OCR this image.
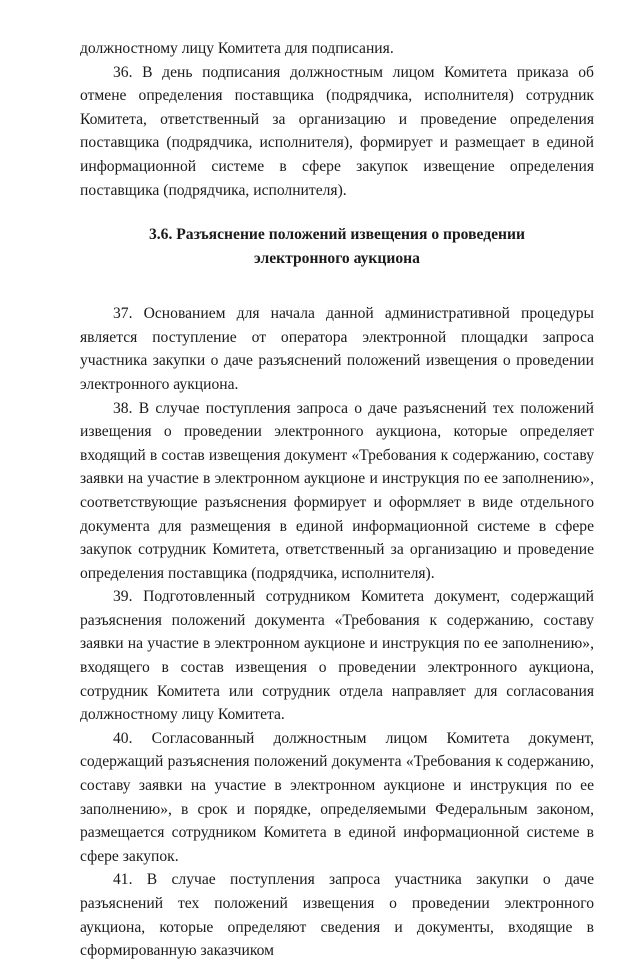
должностному лицу Комитета для подписания.

36. В день подписания должностным лицом Комитета приказа об отмене определения поставщика (подрядчика, исполнителя) сотрудник Комитета, ответственный за организацию и проведение определения поставщика (подрядчика, исполнителя), формирует и размещает в единой информационной системе в сфере закупок извещение определения поставщика (подрядчика, исполнителя).

3.6. Разъяснение положений извещения о проведении
электронного аукциона

37. Основанием для начала данной административной процедуры является поступление от оператора электронной площадки запроса участника закупки о даче разъяснений положений извещения о проведении электронного аукциона.

38. В случае поступления запроса о даче разъяснений тех положений извещения о проведении электронного аукциона, которые определяет входящий в состав извещения документ «Требования к содержанию, составу заявки на участие в электронном аукционе и инструкция по ее заполнению», соответствующие разъяснения формирует и оформляет в виде отдельного документа для размещения в единой информационной системе в сфере закупок сотрудник Комитета, ответственный за организацию и проведение определения поставщика (подрядчика, исполнителя).

39. Подготовленный сотрудником Комитета документ, содержащий разъяснения положений документа «Требования к содержанию, составу заявки на участие в электронном аукционе и инструкция по ее заполнению», входящего в состав извещения о проведении электронного аукциона, сотрудник Комитета или сотрудник отдела направляет для согласования должностному лицу Комитета.

40. Согласованный должностным лицом Комитета документ, содержащий разъяснения положений документа «Требования к содержанию, составу заявки на участие в электронном аукционе и инструкция по ее заполнению», в срок и порядке, определяемыми Федеральным законом, размещается сотрудником Комитета в единой информационной системе в сфере закупок.

41. В случае поступления запроса участника закупки о даче разъяснений тех положений извещения о проведении электронного аукциона, которые определяют сведения и документы, входящие в сформированную заказчиком
